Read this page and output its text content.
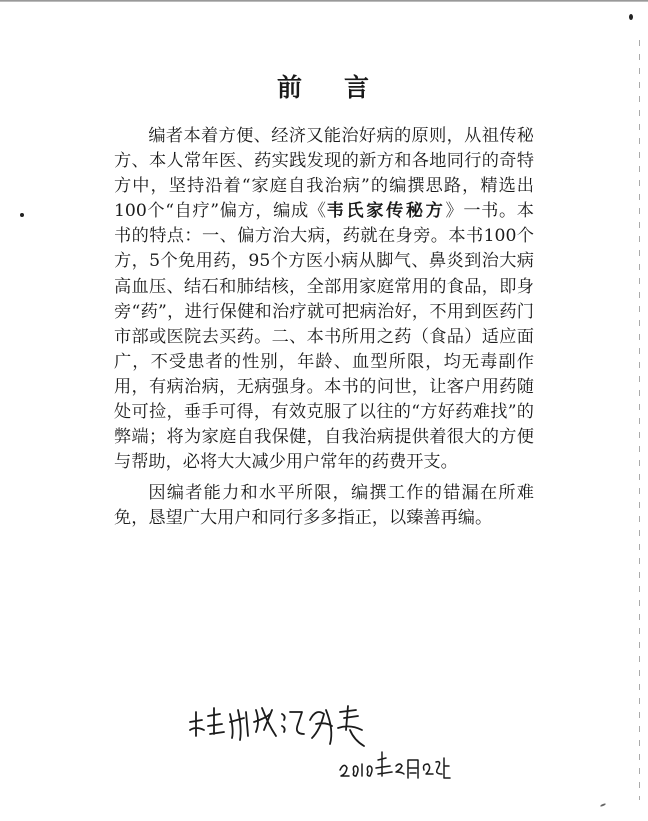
前 言

编者本着方便、经济又能治好病的原则，从祖传秘方、本人常年医、药实践发现的新方和各地同行的奇特方中，坚持沿着“家庭自我治病”的编撰思路，精选出100个“自疗”偏方，编成《韦氏家传秘方》一书。本书的特点：一、偏方治大病，药就在身旁。本书100个方，5个免用药，95个方医小病从脚气、鼻炎到治大病高血压、结石和肺结核，全部用家庭常用的食品，即身旁“药”，进行保健和治疗就可把病治好，不用到医药门市部或医院去买药。二、本书所用之药（食品）适应面广，不受患者的性别，年龄、血型所限，均无毒副作用，有病治病，无病强身。本书的问世，让客户用药随处可捡，垂手可得，有效克服了以往的“方好药难找”的弊端；将为家庭自我保健，自我治病提供着很大的方便与帮助，必将大大减少用户常年的药费开支。

因编者能力和水平所限，编撰工作的错漏在所难免，恳望广大用户和同行多多指正，以臻善再编。
